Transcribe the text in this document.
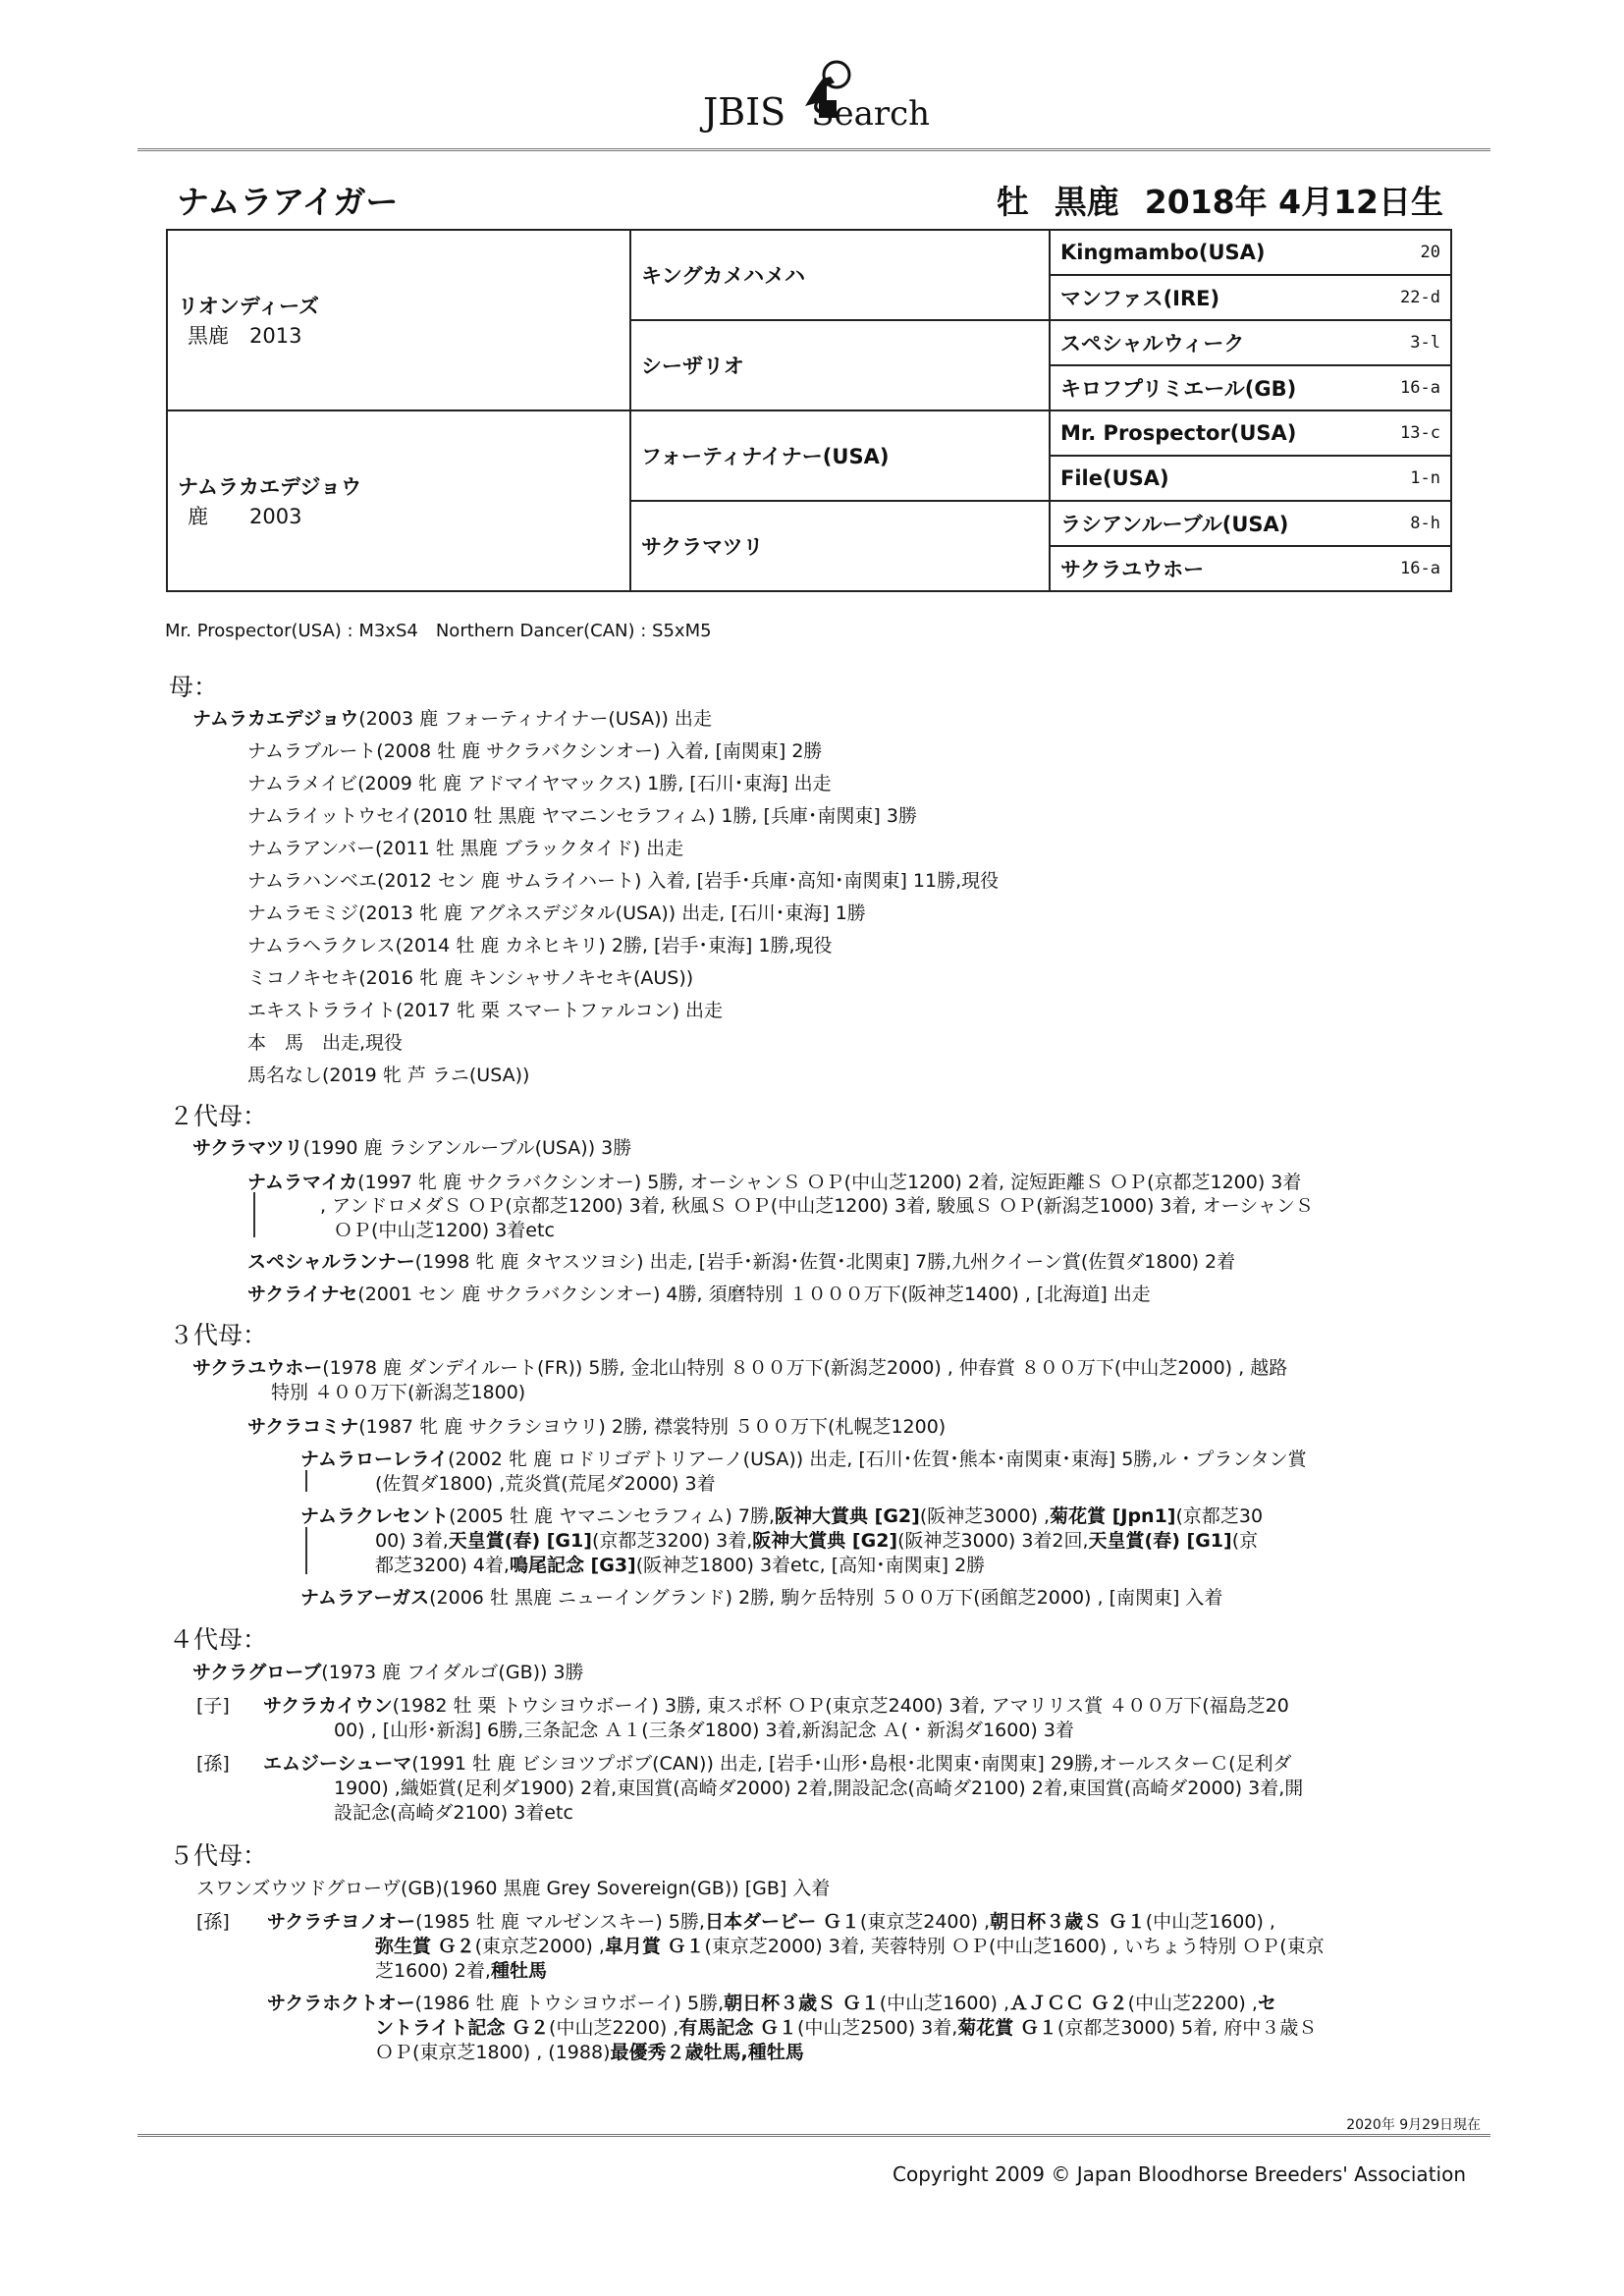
JBIS Search
ナムラアイガー	牡 黒鹿 2018年 4月12日生
リオンディーズ
黒鹿　2013	キングカメハメハ	Kingmambo(USA) 20

		マンファス(IRE) 22-d

	シーザリオ	スペシャルウィーク 3-l

		キロフプリミエール(GB) 16-a

ナムラカエデジョウ
鹿　　2003	フォーティナイナー(USA)	Mr. Prospector(USA) 13-c

		File(USA) 1-n

	サクラマツリ	ラシアンルーブル(USA) 8-h

		サクラユウホー 16-a
Mr. Prospector(USA) : M3xS4　Northern Dancer(CAN) : S5xM5
母：
ナムラカエデジョウ(2003 鹿 フォーティナイナー(USA)) 出走
ナムラブルート(2008 牡 鹿 サクラバクシンオー) 入着, [南関東] 2勝
ナムラメイビ(2009 牝 鹿 アドマイヤマックス) 1勝, [石川･東海] 出走
ナムライットウセイ(2010 牡 黒鹿 ヤマニンセラフィム) 1勝, [兵庫･南関東] 3勝
ナムラアンバー(2011 牡 黒鹿 ブラックタイド) 出走
ナムラハンベエ(2012 セン 鹿 サムライハート) 入着, [岩手･兵庫･高知･南関東] 11勝,現役
ナムラモミジ(2013 牝 鹿 アグネスデジタル(USA)) 出走, [石川･東海] 1勝
ナムラヘラクレス(2014 牡 鹿 カネヒキリ) 2勝, [岩手･東海] 1勝,現役
ミコノキセキ(2016 牝 鹿 キンシャサノキセキ(AUS))
エキストラライト(2017 牝 栗 スマートファルコン) 出走
本　馬　出走,現役
馬名なし(2019 牝 芦 ラニ(USA))
２代母：
サクラマツリ(1990 鹿 ラシアンルーブル(USA)) 3勝
ナムラマイカ(1997 牝 鹿 サクラバクシンオー) 5勝, オーシャンＳ ＯＰ(中山芝1200) 2着, 淀短距離Ｓ ＯＰ(京都芝1200) 3着
, アンドロメダＳ ＯＰ(京都芝1200) 3着, 秋風Ｓ ＯＰ(中山芝1200) 3着, 駿風Ｓ ＯＰ(新潟芝1000) 3着, オーシャンＳ
ＯＰ(中山芝1200) 3着etc
スペシャルランナー(1998 牝 鹿 タヤスツヨシ) 出走, [岩手･新潟･佐賀･北関東] 7勝,九州クイーン賞(佐賀ダ1800) 2着
サクライナセ(2001 セン 鹿 サクラバクシンオー) 4勝, 須磨特別 １０００万下(阪神芝1400) , [北海道] 出走
３代母：
サクラユウホー(1978 鹿 ダンデイルート(FR)) 5勝, 金北山特別 ８００万下(新潟芝2000) , 仲春賞 ８００万下(中山芝2000) , 越路
特別 ４００万下(新潟芝1800)
サクラコミナ(1987 牝 鹿 サクラシヨウリ) 2勝, 襟裳特別 ５００万下(札幌芝1200)
ナムラローレライ(2002 牝 鹿 ロドリゴデトリアーノ(USA)) 出走, [石川･佐賀･熊本･南関東･東海] 5勝,ル・プランタン賞
(佐賀ダ1800) ,荒炎賞(荒尾ダ2000) 3着
ナムラクレセント(2005 牡 鹿 ヤマニンセラフィム) 7勝,阪神大賞典 [G2](阪神芝3000) ,菊花賞 [Jpn1](京都芝30
00) 3着,天皇賞(春) [G1](京都芝3200) 3着,阪神大賞典 [G2](阪神芝3000) 3着2回,天皇賞(春) [G1](京
都芝3200) 4着,鳴尾記念 [G3](阪神芝1800) 3着etc, [高知･南関東] 2勝
ナムラアーガス(2006 牡 黒鹿 ニューイングランド) 2勝, 駒ケ岳特別 ５００万下(函館芝2000) , [南関東] 入着
４代母：
サクラグローブ(1973 鹿 フイダルゴ(GB)) 3勝
[子] サクラカイウン(1982 牡 栗 トウシヨウボーイ) 3勝, 東スポ杯 ＯＰ(東京芝2400) 3着, アマリリス賞 ４００万下(福島芝20
00) , [山形･新潟] 6勝,三条記念 Ａ１(三条ダ1800) 3着,新潟記念 Ａ(・新潟ダ1600) 3着
[孫] エムジーシューマ(1991 牡 鹿 ビシヨツプボブ(CAN)) 出走, [岩手･山形･島根･北関東･南関東] 29勝,オールスターＣ(足利ダ
1900) ,織姫賞(足利ダ1900) 2着,東国賞(高崎ダ2000) 2着,開設記念(高崎ダ2100) 2着,東国賞(高崎ダ2000) 3着,開
設記念(高崎ダ2100) 3着etc
５代母：
スワンズウツドグローヴ(GB)(1960 黒鹿 Grey Sovereign(GB)) [GB] 入着
[孫] サクラチヨノオー(1985 牡 鹿 マルゼンスキー) 5勝,日本ダービー Ｇ１(東京芝2400) ,朝日杯３歳Ｓ Ｇ１(中山芝1600) ,
弥生賞 Ｇ２(東京芝2000) ,皐月賞 Ｇ１(東京芝2000) 3着, 芙蓉特別 ＯＰ(中山芝1600) , いちょう特別 ＯＰ(東京
芝1600) 2着,種牡馬
サクラホクトオー(1986 牡 鹿 トウシヨウボーイ) 5勝,朝日杯３歳Ｓ Ｇ１(中山芝1600) ,ＡＪＣＣ Ｇ２(中山芝2200) ,セ
ントライト記念 Ｇ２(中山芝2200) ,有馬記念 Ｇ１(中山芝2500) 3着,菊花賞 Ｇ１(京都芝3000) 5着, 府中３歳Ｓ
ＯＰ(東京芝1800) , (1988)最優秀２歳牡馬,種牡馬
2020年 9月29日現在
Copyright 2009 © Japan Bloodhorse Breeders' Association
